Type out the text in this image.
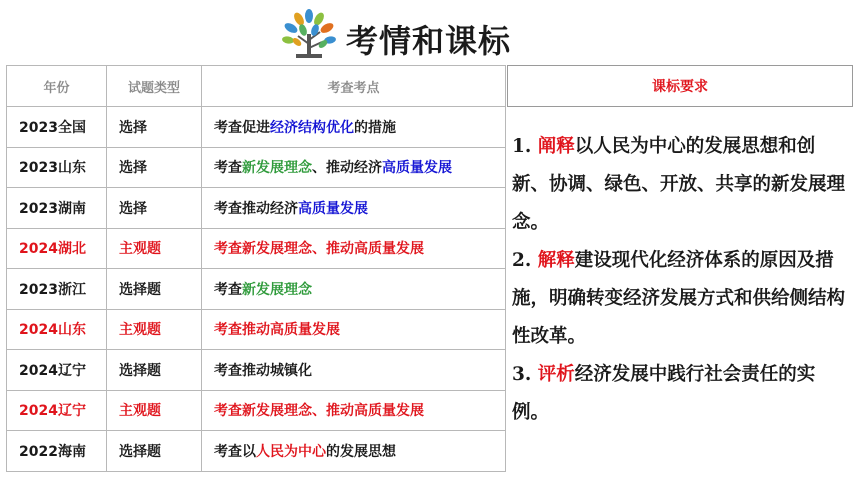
考情和课标
年份	试题类型	考查考点
2023全国	选择	考查促进经济结构优化的措施
2023山东	选择	考查新发展理念、推动经济高质量发展
2023湖南	选择	考查推动经济高质量发展
2024湖北	主观题	考查新发展理念、推动高质量发展
2023浙江	选择题	考查新发展理念
2024山东	主观题	考查推动高质量发展
2024辽宁	选择题	考查推动城镇化
2024辽宁	主观题	考查新发展理念、推动高质量发展
2022海南	选择题	考查以人民为中心的发展思想
课标要求
1. 阐释以人民为中心的发展思想和创新、协调、绿色、开放、共享的新发展理念。
2. 解释建设现代化经济体系的原因及措施，明确转变经济发展方式和供给侧结构性改革。
3. 评析经济发展中践行社会责任的实例。
